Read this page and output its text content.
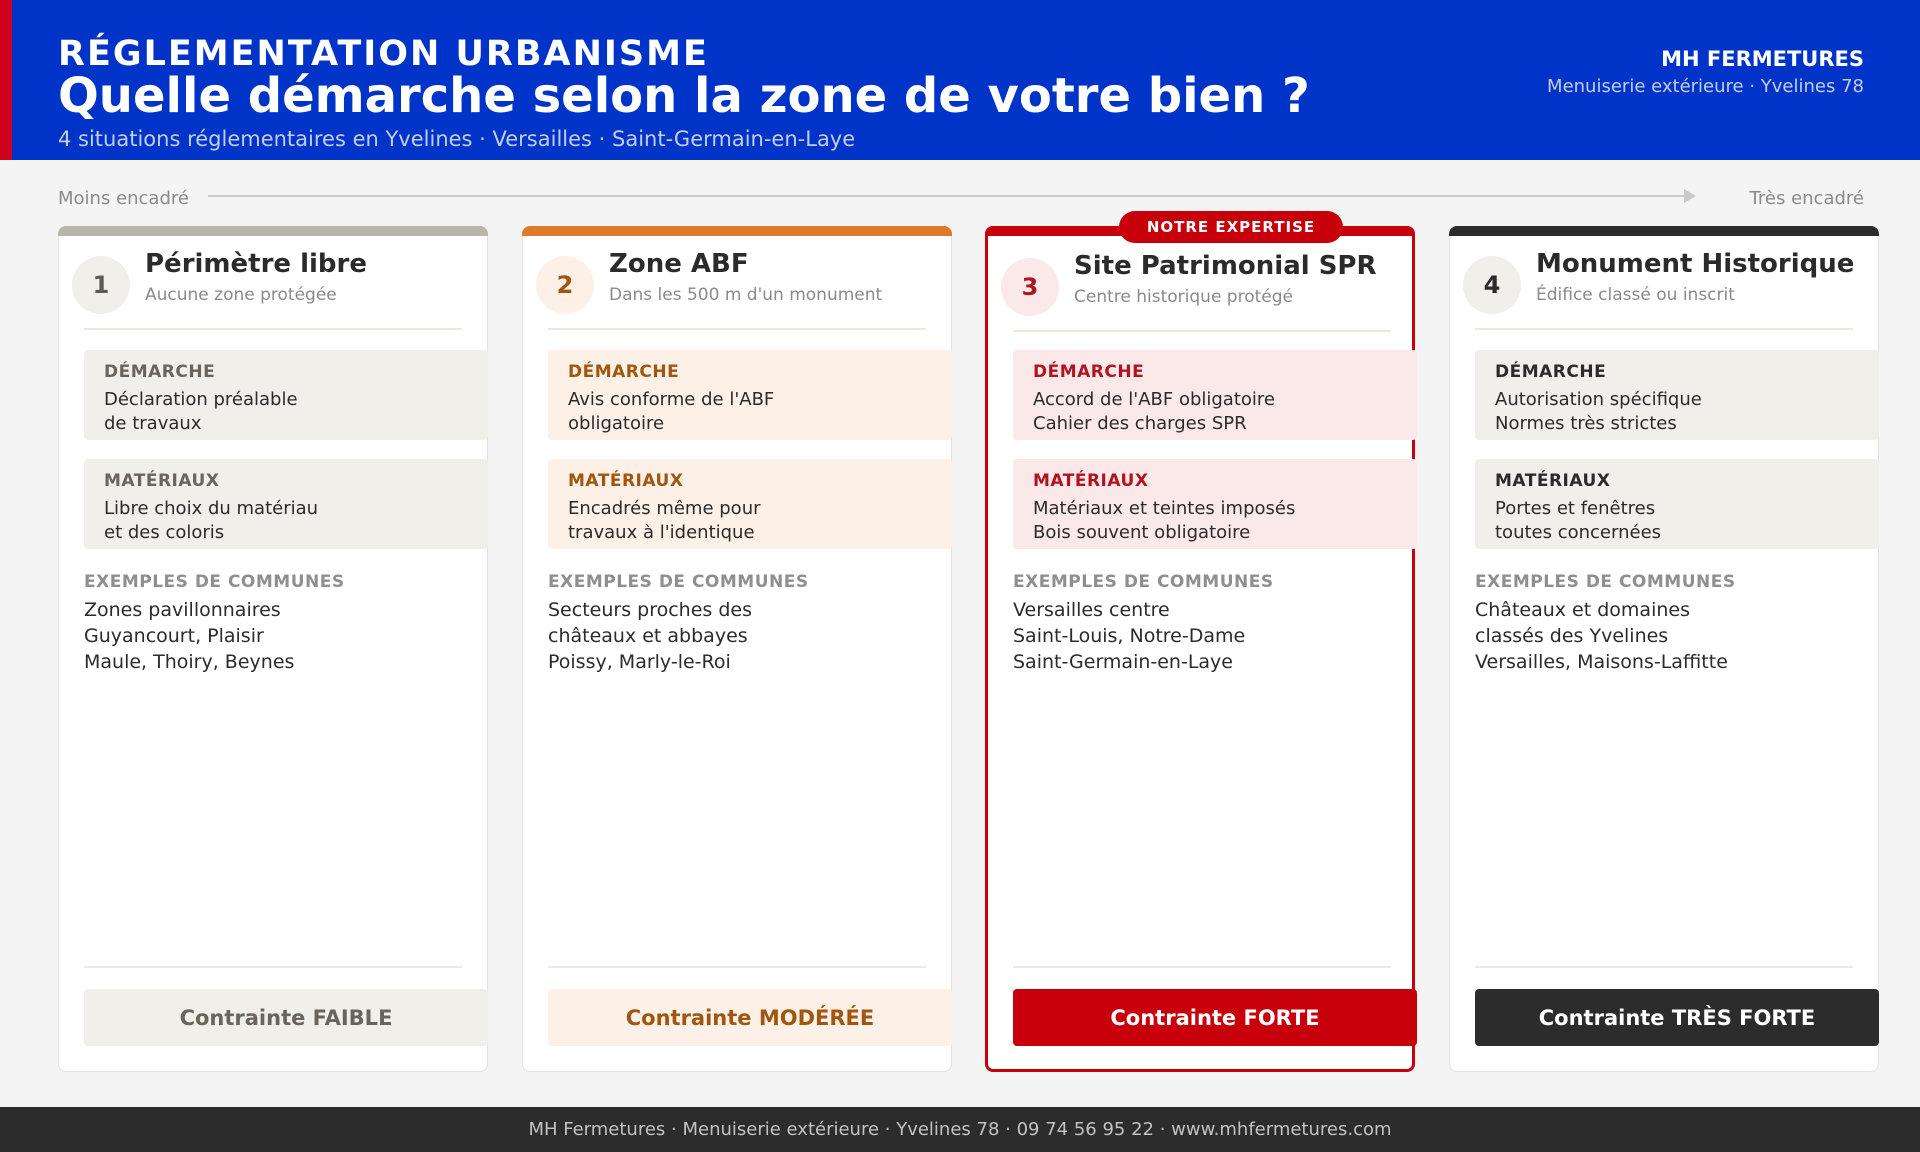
RÉGLEMENTATION URBANISME
Quelle démarche selon la zone de votre bien ?
4 situations réglementaires en Yvelines · Versailles · Saint-Germain-en-Laye
MH FERMETURES
Menuiserie extérieure · Yvelines 78
Moins encadré	Très encadré
1
Périmètre libre
Aucune zone protégée
DÉMARCHE
Déclaration préalable
de travaux
MATÉRIAUX
Libre choix du matériau
et des coloris
EXEMPLES DE COMMUNES
Zones pavillonnaires
Guyancourt, Plaisir
Maule, Thoiry, Beynes
Contrainte FAIBLE
2
Zone ABF
Dans les 500 m d'un monument
DÉMARCHE
Avis conforme de l'ABF
obligatoire
MATÉRIAUX
Encadrés même pour
travaux à l'identique
EXEMPLES DE COMMUNES
Secteurs proches des
châteaux et abbayes
Poissy, Marly-le-Roi
Contrainte MODÉRÉE
3
Site Patrimonial SPR
Centre historique protégé
DÉMARCHE
Accord de l'ABF obligatoire
Cahier des charges SPR
MATÉRIAUX
Matériaux et teintes imposés
Bois souvent obligatoire
EXEMPLES DE COMMUNES
Versailles centre
Saint-Louis, Notre-Dame
Saint-Germain-en-Laye
Contrainte FORTE
NOTRE EXPERTISE
4
Monument Historique
Édifice classé ou inscrit
DÉMARCHE
Autorisation spécifique
Normes très strictes
MATÉRIAUX
Portes et fenêtres
toutes concernées
EXEMPLES DE COMMUNES
Châteaux et domaines
classés des Yvelines
Versailles, Maisons-Laffitte
Contrainte TRÈS FORTE
MH Fermetures · Menuiserie extérieure · Yvelines 78 · 09 74 56 95 22 · www.mhfermetures.com
